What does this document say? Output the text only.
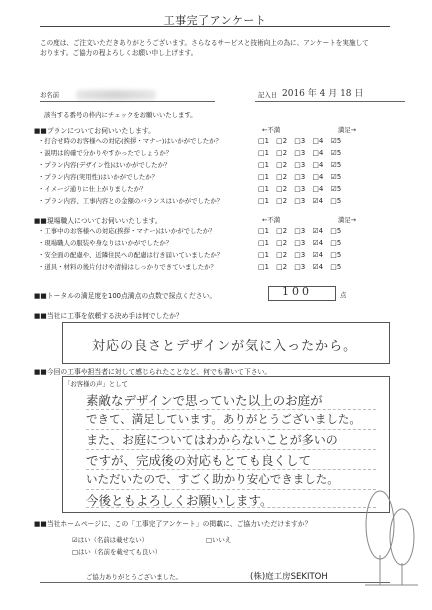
工事完了アンケート
この度は、ご注文いただきありがとうございます。さらなるサービスと技術向上の為に、アンケートを実施して
おります。ご協力の程よろしくお願い申し上げます。
お名前	記入日 2016 年 4 月 18 日
該当する番号の枠内にチェックをお願いいたします。
■■プランについてお伺いいたします。	←不満	満足→
・打合せ時のお客様への対応(挨拶・マナー)はいかがでしたか？	□1　□2　□3　□4　☑5
・説明は的確で分かりやすかったでしょうか？	□1　□2　□3　□4　☑5
・プラン内容(デザイン性)はいかがでしたか？	□1　□2　□3　□4　☑5
・プラン内容(実用性)はいかがでしたか？	□1　□2　□3　□4　☑5
・イメージ通りに仕上がりましたか？	□1　□2　□3　□4　☑5
・プラン内容、工事内容との金額のバランスはいかがでしたか？	□1　□2　□3　☑4　□5
■■現場職人についてお伺いいたします。	←不満	満足→
・工事中のお客様への対応(挨拶・マナー)はいかがでしたか？	□1　□2　□3　☑4　□5
・現場職人の服装や身なりはいかがでしたか？	□1　□2　□3　☑4　□5
・安全面の配慮や、近隣住民への配慮は行き届いていましたか？	□1　□2　□3　☑4　□5
・道具・材料の後片付けや清掃はしっかりできていましたか？	□1　□2　□3　☑4　□5
■■トータルの満足度を100点満点の点数で採点ください。	100	点
■■当社に工事を依頼する決め手は何でしたか？
対応の良さとデザインが気に入ったから。
■■今回の工事や担当者に対して感じられたことなど、何でも書いて下さい。
「お客様の声」として
素敵なデザインで思っていた以上のお庭が
できて、満足しています。ありがとうございました。
また、お庭についてはわからないことが多いの
ですが、完成後の対応もとても良くして
いただいたので、すごく助かり安心できました。
今後ともよろしくお願いします。
■■当社ホームページに、この「工事完了アンケート」の掲載に、ご協力いただけますか？
☑はい（名前は載せない）
□はい（名前を載せても良い）
□いいえ
ご協力ありがとうございました。	(株)庭工房SEKITOH
